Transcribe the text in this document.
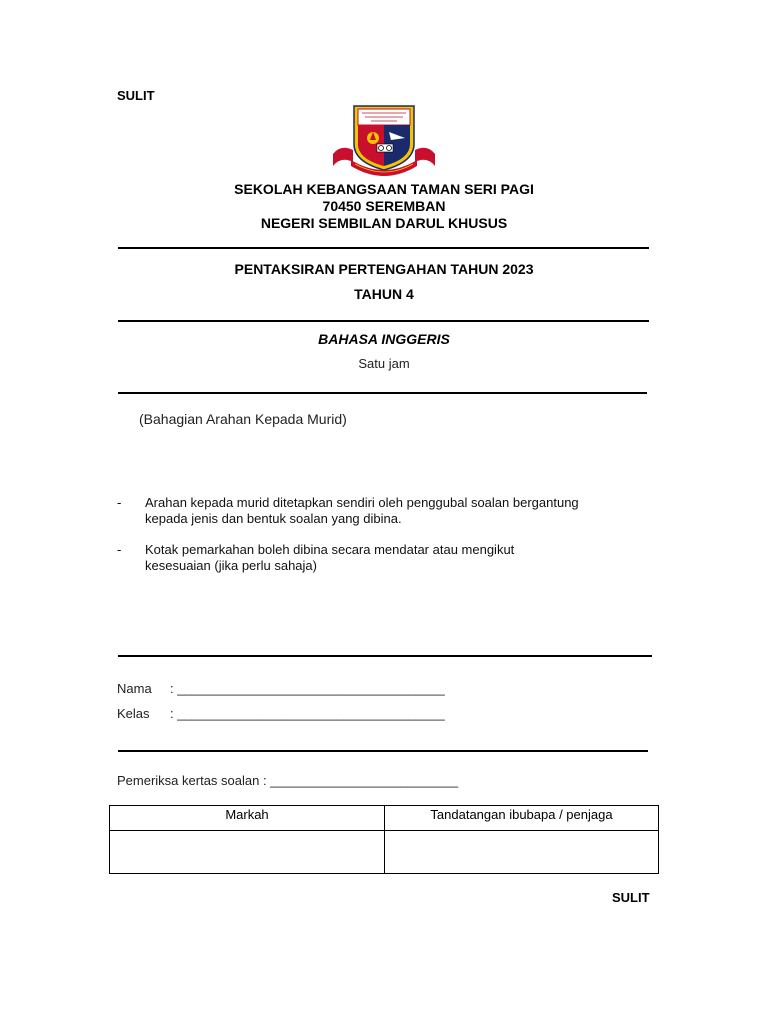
SULIT
SEKOLAH KEBANGSAAN TAMAN SERI PAGI
70450 SEREMBAN
NEGERI SEMBILAN DARUL KHUSUS
PENTAKSIRAN PERTENGAHAN TAHUN 2023
TAHUN 4
BAHASA INGGERIS
Satu jam
(Bahagian Arahan Kepada Murid)
- Arahan kepada murid ditetapkan sendiri oleh penggubal soalan bergantung
kepada jenis dan bentuk soalan yang dibina.
- Kotak pemarkahan boleh dibina secara mendatar atau mengikut
kesesuaian (jika perlu sahaja)
Nama : _____________________________________
Kelas : _____________________________________
Pemeriksa kertas soalan : __________________________
Markah	Tandatangan ibubapa / penjaga

SULIT
